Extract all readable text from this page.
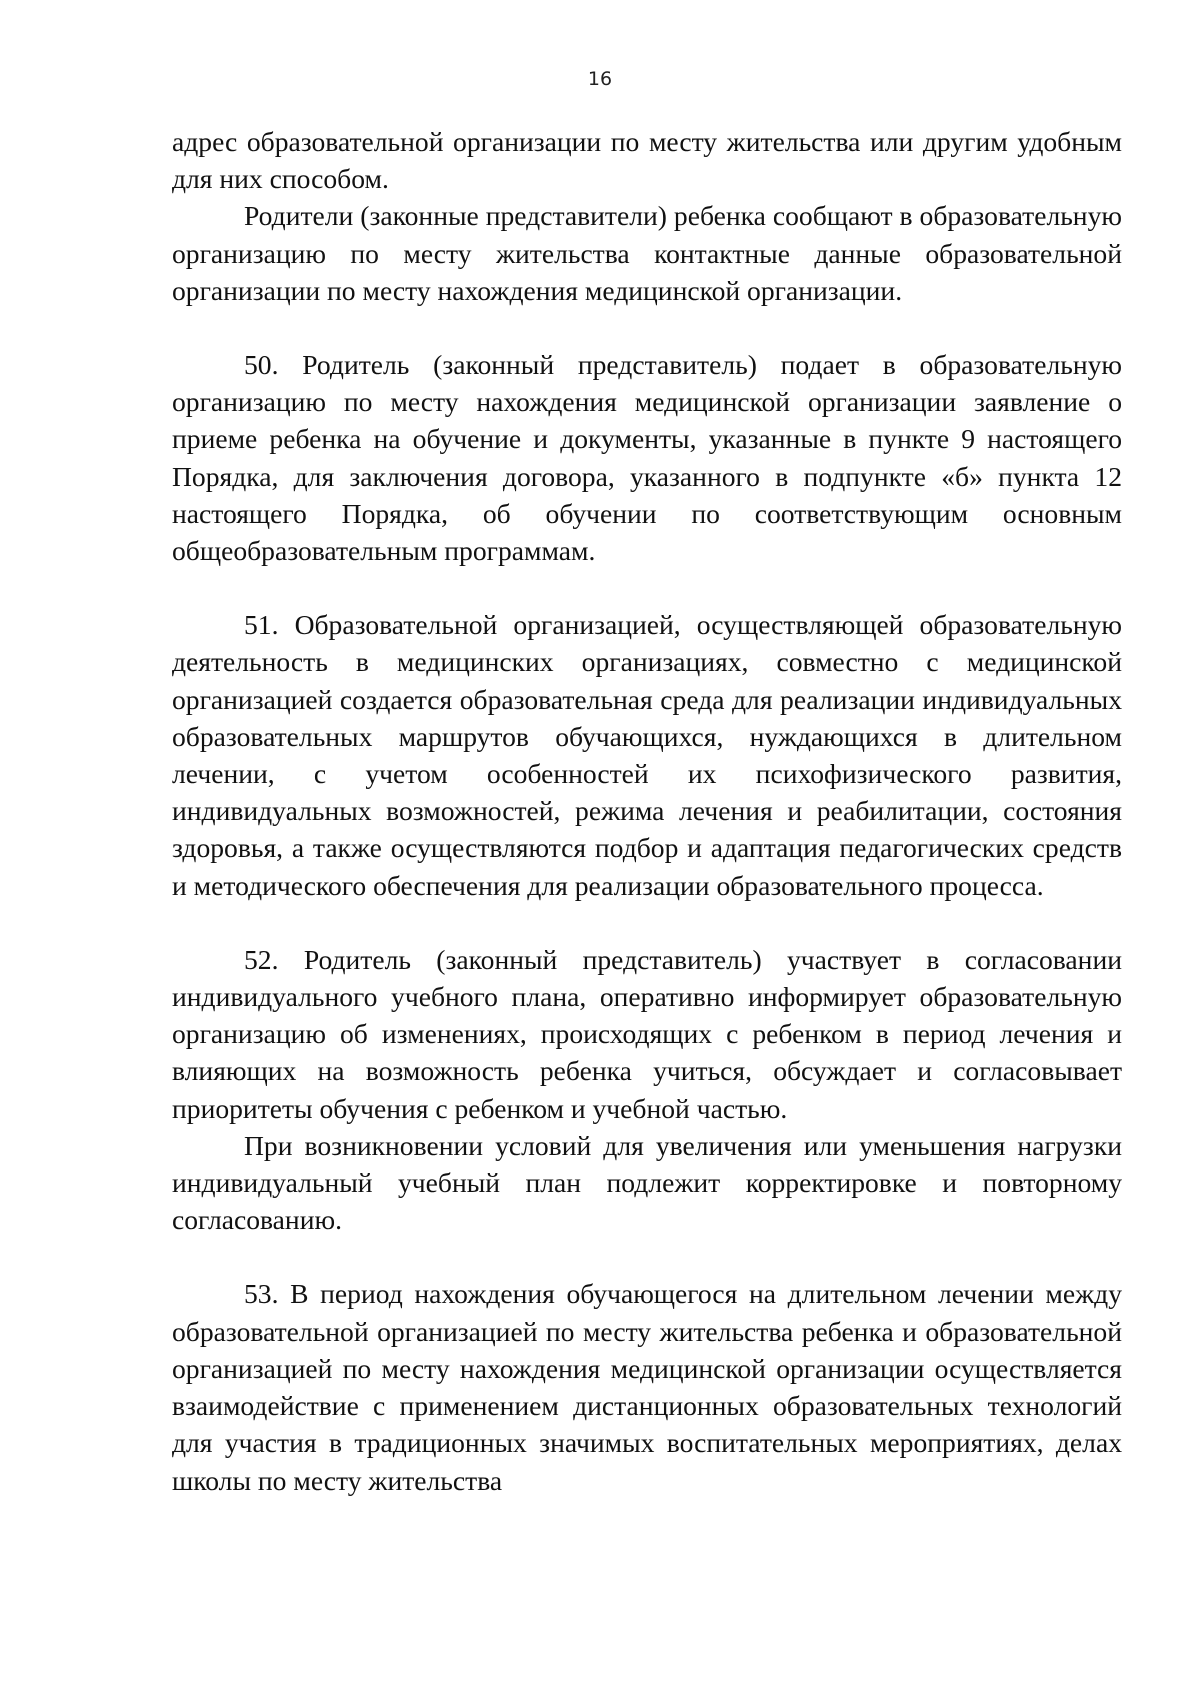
16

адрес образовательной организации по месту жительства или другим удобным для них способом.

Родители (законные представители) ребенка сообщают в образовательную организацию по месту жительства контактные данные образовательной организации по месту нахождения медицинской организации.

50. Родитель (законный представитель) подает в образовательную организацию по месту нахождения медицинской организации заявление о приеме ребенка на обучение и документы, указанные в пункте 9 настоящего Порядка, для заключения договора, указанного в подпункте «б» пункта 12 настоящего Порядка, об обучении по соответствующим основным общеобразовательным программам.

51. Образовательной организацией, осуществляющей образовательную деятельность в медицинских организациях, совместно с медицинской организацией создается образовательная среда для реализации индивидуальных образовательных маршрутов обучающихся, нуждающихся в длительном лечении, с учетом особенностей их психофизического развития, индивидуальных возможностей, режима лечения и реабилитации, состояния здоровья, а также осуществляются подбор и адаптация педагогических средств и методического обеспечения для реализации образовательного процесса.

52. Родитель (законный представитель) участвует в согласовании индивидуального учебного плана, оперативно информирует образовательную организацию об изменениях, происходящих с ребенком в период лечения и влияющих на возможность ребенка учиться, обсуждает и согласовывает приоритеты обучения с ребенком и учебной частью.

При возникновении условий для увеличения или уменьшения нагрузки индивидуальный учебный план подлежит корректировке и повторному согласованию.

53. В период нахождения обучающегося на длительном лечении между образовательной организацией по месту жительства ребенка и образовательной организацией по месту нахождения медицинской организации осуществляется взаимодействие с применением дистанционных образовательных технологий для участия в традиционных значимых воспитательных мероприятиях, делах школы по месту жительства
